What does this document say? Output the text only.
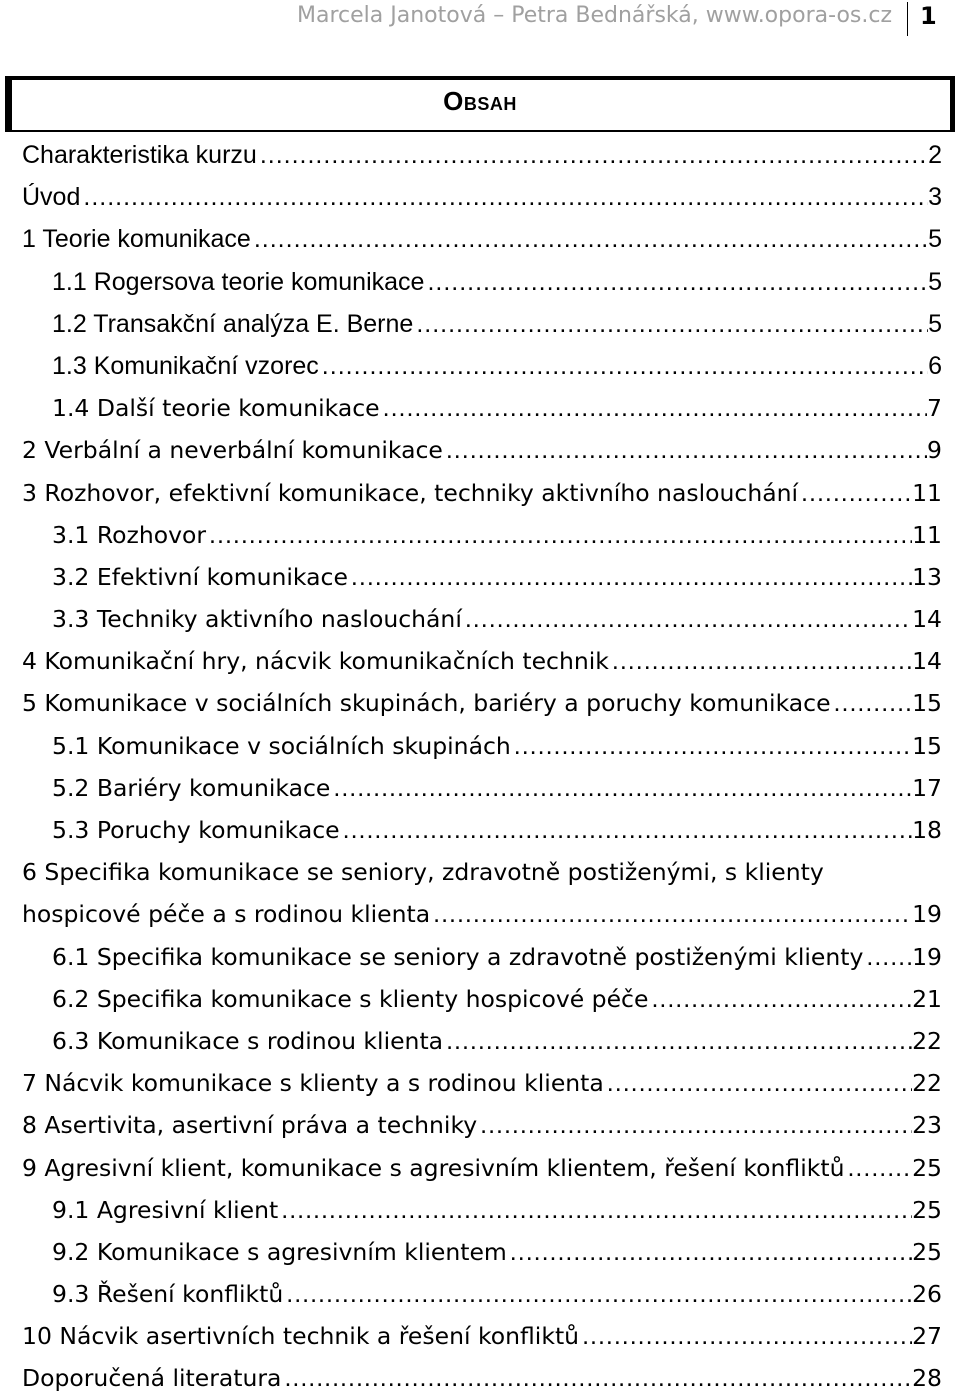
Marcela Janotová – Petra Bednářská, www.opora-os.cz 1
Obsah
Charakteristika kurzu .....	2
Úvod .....	3
1 Teorie komunikace .....	5
1.1 Rogersova teorie komunikace .....	5
1.2 Transakční analýza E. Berne .....	5
1.3 Komunikační vzorec .....	6
1.4 Další teorie komunikace .....	7
2 Verbální a neverbální komunikace .....	9
3 Rozhovor, efektivní komunikace, techniky aktivního naslouchání .....	11
3.1 Rozhovor .....	11
3.2 Efektivní komunikace .....	13
3.3 Techniky aktivního naslouchání .....	14
4 Komunikační hry, nácvik komunikačních technik .....	14
5 Komunikace v sociálních skupinách, bariéry a poruchy komunikace .....	15
5.1 Komunikace v sociálních skupinách .....	15
5.2 Bariéry komunikace .....	17
5.3 Poruchy komunikace .....	18
6 Specifika komunikace se seniory, zdravotně postiženými, s klienty
hospicové péče a s rodinou klienta .....	19
6.1 Specifika komunikace se seniory a zdravotně postiženými klienty ..... 19
6.2 Specifika komunikace s klienty hospicové péče .....	21
6.3 Komunikace s rodinou klienta .....	22
7 Nácvik komunikace s klienty a s rodinou klienta .....	22
8 Asertivita, asertivní práva a techniky .....	23
9 Agresivní klient, komunikace s agresivním klientem, řešení konfliktů .....	25
9.1 Agresivní klient .....	25
9.2 Komunikace s agresivním klientem .....	25
9.3 Řešení konfliktů .....	26
10 Nácvik asertivních technik a řešení konfliktů .....	27
Doporučená literatura .....	28
